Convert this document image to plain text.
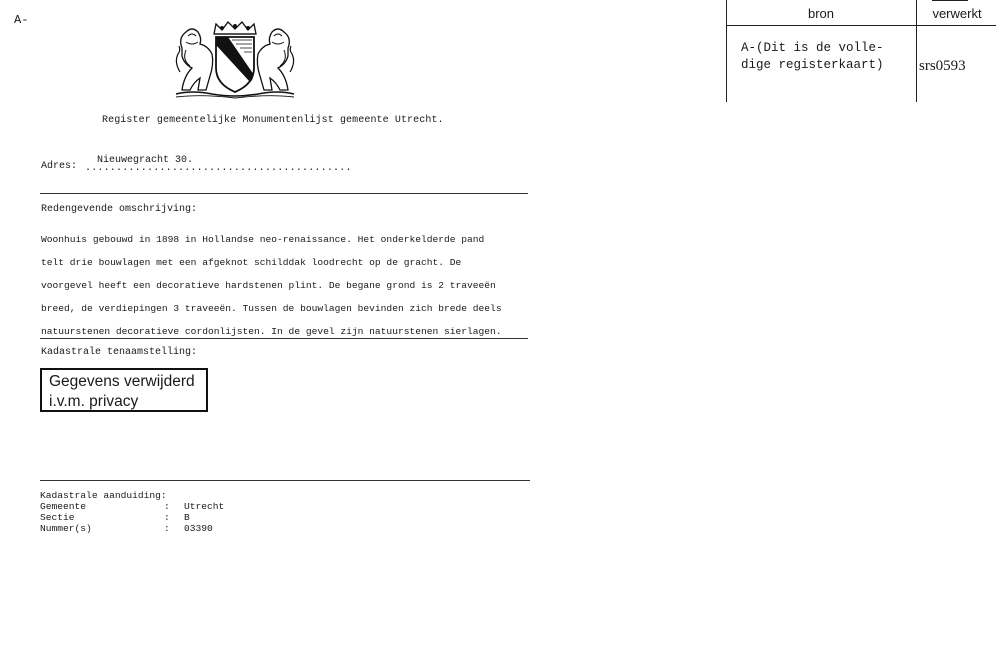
A-
Register gemeentelijke Monumentenlijst gemeente Utrecht.
Adres: ...........................................
Nieuwegracht 30.
Redengevende omschrijving:

Woonhuis gebouwd in 1898 in Hollandse neo-renaissance. Het onderkelderde pand

telt drie bouwlagen met een afgeknot schilddak loodrecht op de gracht. De

voorgevel heeft een decoratieve hardstenen plint. De begane grond is 2 traveeën

breed, de verdiepingen 3 traveeën. Tussen de bouwlagen bevinden zich brede deels

natuurstenen decoratieve cordonlijsten. In de gevel zijn natuurstenen sierlagen.

Kadastrale tenaamstelling:
Gegevens verwijderd
i.v.m. privacy
Kadastrale aanduiding:
Gemeente	: Utrecht
Sectie	: B
Nummer(s)	: 03390
bron	verwerkt
A-(Dit is de volle-
dige registerkaart) srs0593
